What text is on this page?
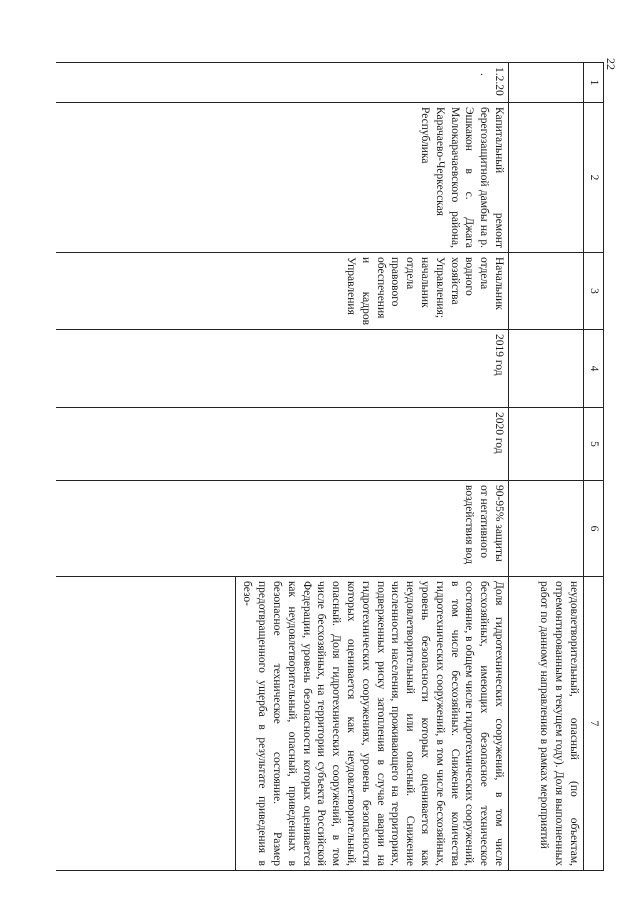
22
1	2	3	4	5	6	7
						неудовлетворительный, опасный (по объектам, отремонтированным в текущем году). Доля выполненных работ по данному направлению в рамках мероприятий

1.2.20
.	Капитальный ремонт берегозащитной дамбы на р. Эшкакон в с. Джага Малокарачаевского района, Карачаево-Черкесская Республика	Начальник отдела водного хозяйства Управления; начальник отдела правового обеспечения и кадров Управления	2019 год	2020 год	90-95% защиты от негативного воздействия вод	Доля гидротехнических сооружений, в том числе бесхозяйных, имеющих безопасное техническое состояние, в общем числе гидротехнических сооружений, в том числе бесхозяйных. Снижение количества гидротехнических сооружений, в том числе бесхозяйных, уровень безопасности которых оценивается как неудовлетворительный или опасный. Снижение численности населения, проживающего на территориях, подверженных риску затопления в случае аварии на гидротехнических сооружениях, уровень безопасности которых оценивается как неудовлетворительный, опасный. Доля гидротехнических сооружений, в том числе бесхозяйных, на территории субъекта Российской Федерации, уровень безопасности которых оценивается как неудовлетворительный, опасный, приведенных в безопасное техническое состояние. Размер предотвращенного ущерба в результате приведения в безо-
